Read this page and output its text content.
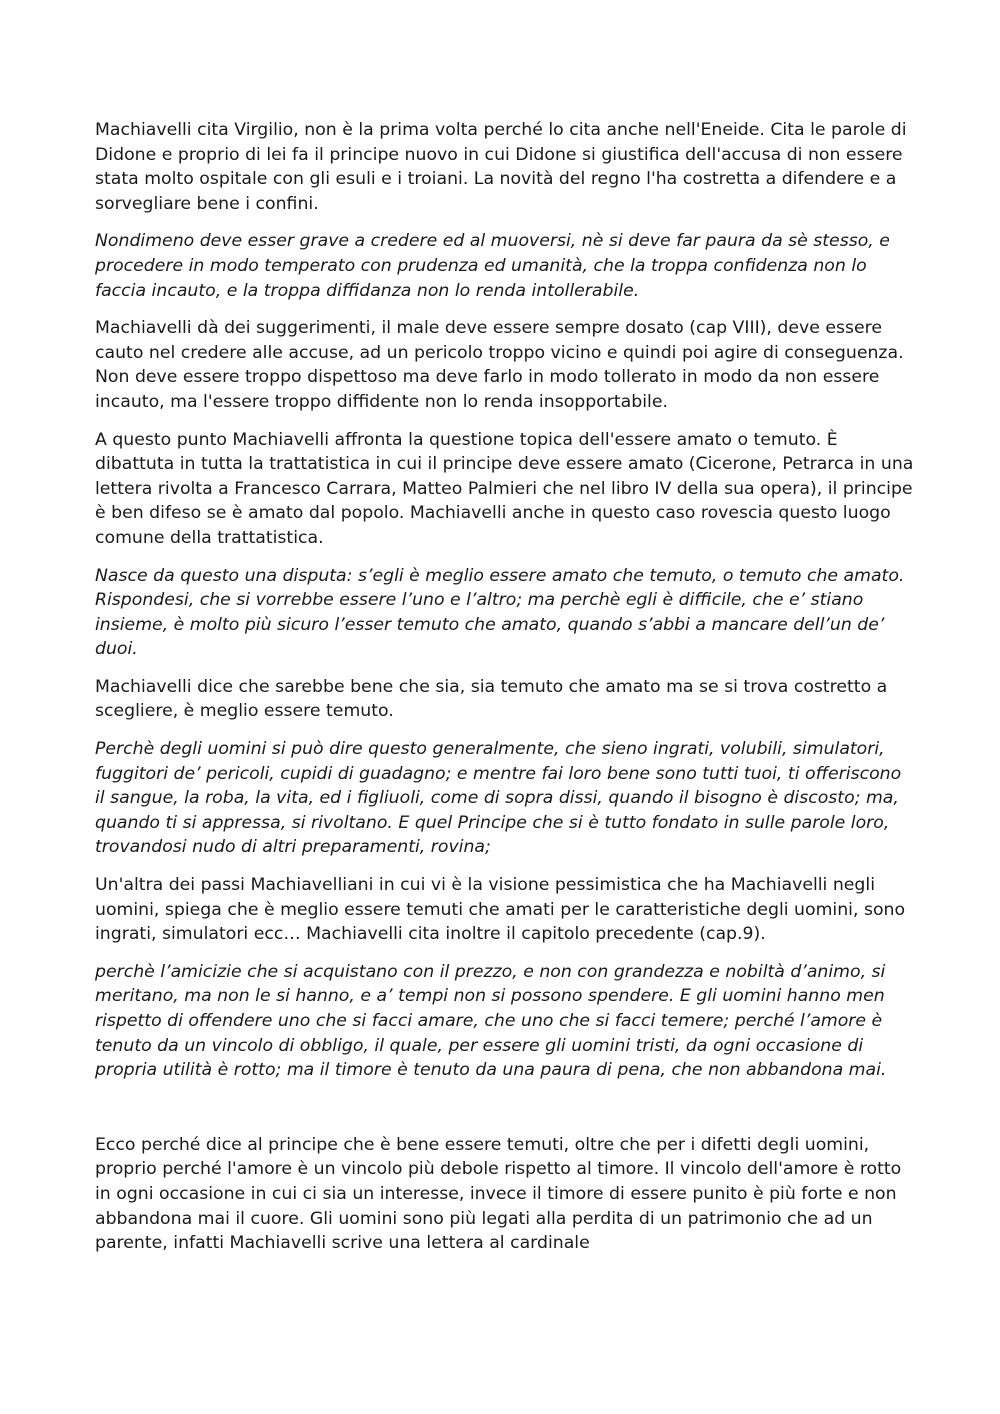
Machiavelli cita Virgilio, non è la prima volta perché lo cita anche nell'Eneide. Cita le parole di Didone e proprio di lei fa il principe nuovo in cui Didone si giustifica dell'accusa di non essere stata molto ospitale con gli esuli e i troiani. La novità del regno l'ha costretta a difendere e a sorvegliare bene i confini.

Nondimeno deve esser grave a credere ed al muoversi, nè si deve far paura da sè stesso, e procedere in modo temperato con prudenza ed umanità, che la troppa confidenza non lo faccia incauto, e la troppa diffidanza non lo renda intollerabile.

Machiavelli dà dei suggerimenti, il male deve essere sempre dosato (cap VIII), deve essere cauto nel credere alle accuse, ad un pericolo troppo vicino e quindi poi agire di conseguenza. Non deve essere troppo dispettoso ma deve farlo in modo tollerato in modo da non essere incauto, ma l'essere troppo diffidente non lo renda insopportabile.

A questo punto Machiavelli affronta la questione topica dell'essere amato o temuto. È dibattuta in tutta la trattatistica in cui il principe deve essere amato (Cicerone, Petrarca in una lettera rivolta a Francesco Carrara, Matteo Palmieri che nel libro IV della sua opera), il principe è ben difeso se è amato dal popolo. Machiavelli anche in questo caso rovescia questo luogo comune della trattatistica.

Nasce da questo una disputa: s’egli è meglio essere amato che temuto, o temuto che amato. Rispondesi, che si vorrebbe essere l’uno e l’altro; ma perchè egli è difficile, che e’ stiano insieme, è molto più sicuro l’esser temuto che amato, quando s’abbi a mancare dell’un de’ duoi.

Machiavelli dice che sarebbe bene che sia, sia temuto che amato ma se si trova costretto a scegliere, è meglio essere temuto.

Perchè degli uomini si può dire questo generalmente, che sieno ingrati, volubili, simulatori, fuggitori de’ pericoli, cupidi di guadagno; e mentre fai loro bene sono tutti tuoi, ti offeriscono il sangue, la roba, la vita, ed i figliuoli, come di sopra dissi, quando il bisogno è discosto; ma, quando ti si appressa, si rivoltano. E quel Principe che si è tutto fondato in sulle parole loro, trovandosi nudo di altri preparamenti, rovina;

Un'altra dei passi Machiavelliani in cui vi è la visione pessimistica che ha Machiavelli negli uomini, spiega che è meglio essere temuti che amati per le caratteristiche degli uomini, sono ingrati, simulatori ecc… Machiavelli cita inoltre il capitolo precedente (cap.9).

perchè l’amicizie che si acquistano con il prezzo, e non con grandezza e nobiltà d’animo, si meritano, ma non le si hanno, e a’ tempi non si possono spendere. E gli uomini hanno men rispetto di offendere uno che si facci amare, che uno che si facci temere; perché l’amore è tenuto da un vincolo di obbligo, il quale, per essere gli uomini tristi, da ogni occasione di propria utilità è rotto; ma il timore è tenuto da una paura di pena, che non abbandona mai.

Ecco perché dice al principe che è bene essere temuti, oltre che per i difetti degli uomini, proprio perché l'amore è un vincolo più debole rispetto al timore. Il vincolo dell'amore è rotto in ogni occasione in cui ci sia un interesse, invece il timore di essere punito è più forte e non abbandona mai il cuore. Gli uomini sono più legati alla perdita di un patrimonio che ad un parente, infatti Machiavelli scrive una lettera al cardinale
